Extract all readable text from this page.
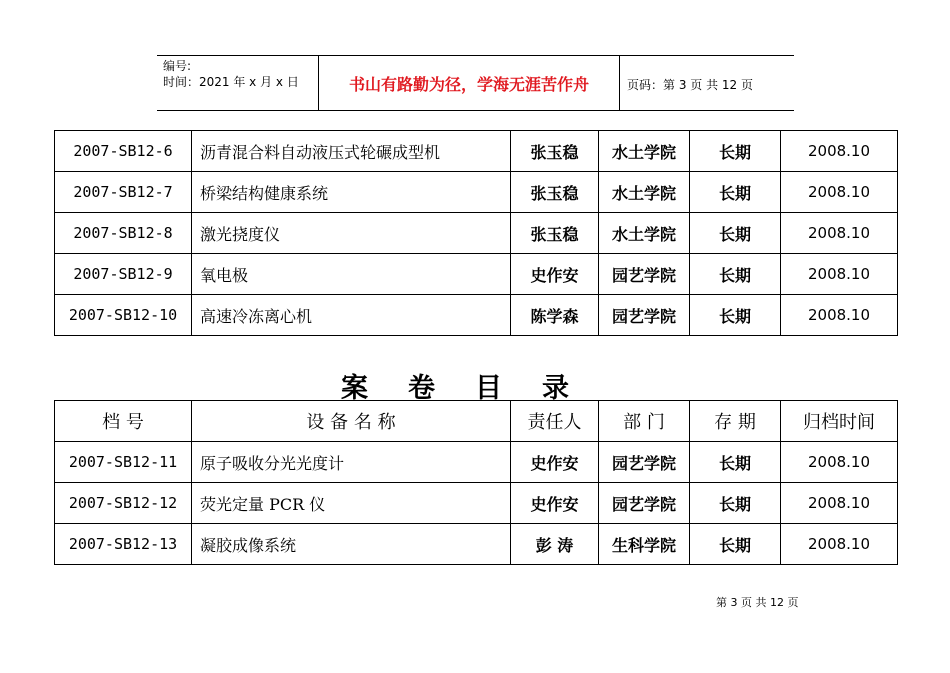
编号:
时间：2021 年 x 月 x 日	书山有路勤为径，学海无涯苦作舟	页码：第 3 页 共 12 页
2007-SB12-6	沥青混合料自动液压式轮碾成型机	张玉稳	水土学院	长期	2008.10
2007-SB12-7	桥梁结构健康系统	张玉稳	水土学院	长期	2008.10
2007-SB12-8	激光挠度仪	张玉稳	水土学院	长期	2008.10
2007-SB12-9	氧电极	史作安	园艺学院	长期	2008.10
2007-SB12-10	高速冷冻离心机	陈学森	园艺学院	长期	2008.10
案卷目录
档 号	设 备 名 称	责任人	部 门	存 期	归档时间
2007-SB12-11	原子吸收分光光度计	史作安	园艺学院	长期	2008.10
2007-SB12-12	荧光定量 PCR 仪	史作安	园艺学院	长期	2008.10
2007-SB12-13	凝胶成像系统	彭 涛	生科学院	长期	2008.10
第 3 页 共 12 页
